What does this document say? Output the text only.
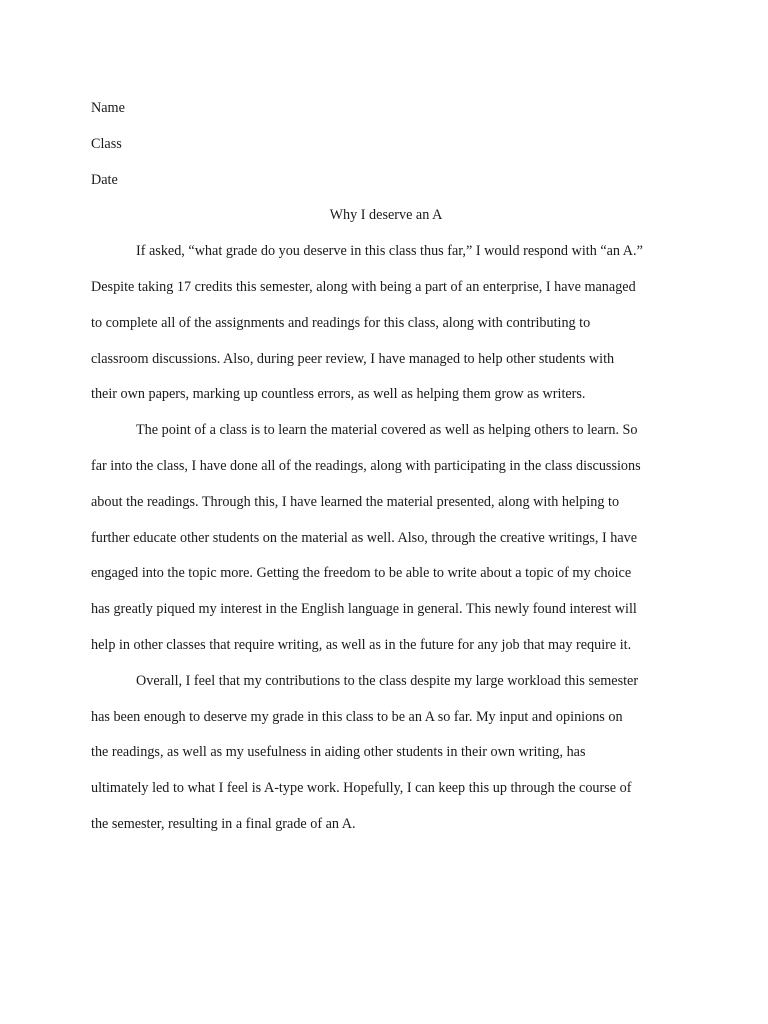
Name
Class
Date
Why I deserve an A
If asked, “what grade do you deserve in this class thus far,” I would respond with “an A.”
Despite taking 17 credits this semester, along with being a part of an enterprise, I have managed
to complete all of the assignments and readings for this class, along with contributing to
classroom discussions. Also, during peer review, I have managed to help other students with
their own papers, marking up countless errors, as well as helping them grow as writers.
The point of a class is to learn the material covered as well as helping others to learn. So
far into the class, I have done all of the readings, along with participating in the class discussions
about the readings. Through this, I have learned the material presented, along with helping to
further educate other students on the material as well. Also, through the creative writings, I have
engaged into the topic more. Getting the freedom to be able to write about a topic of my choice
has greatly piqued my interest in the English language in general. This newly found interest will
help in other classes that require writing, as well as in the future for any job that may require it.
Overall, I feel that my contributions to the class despite my large workload this semester
has been enough to deserve my grade in this class to be an A so far. My input and opinions on
the readings, as well as my usefulness in aiding other students in their own writing, has
ultimately led to what I feel is A-type work. Hopefully, I can keep this up through the course of
the semester, resulting in a final grade of an A.
